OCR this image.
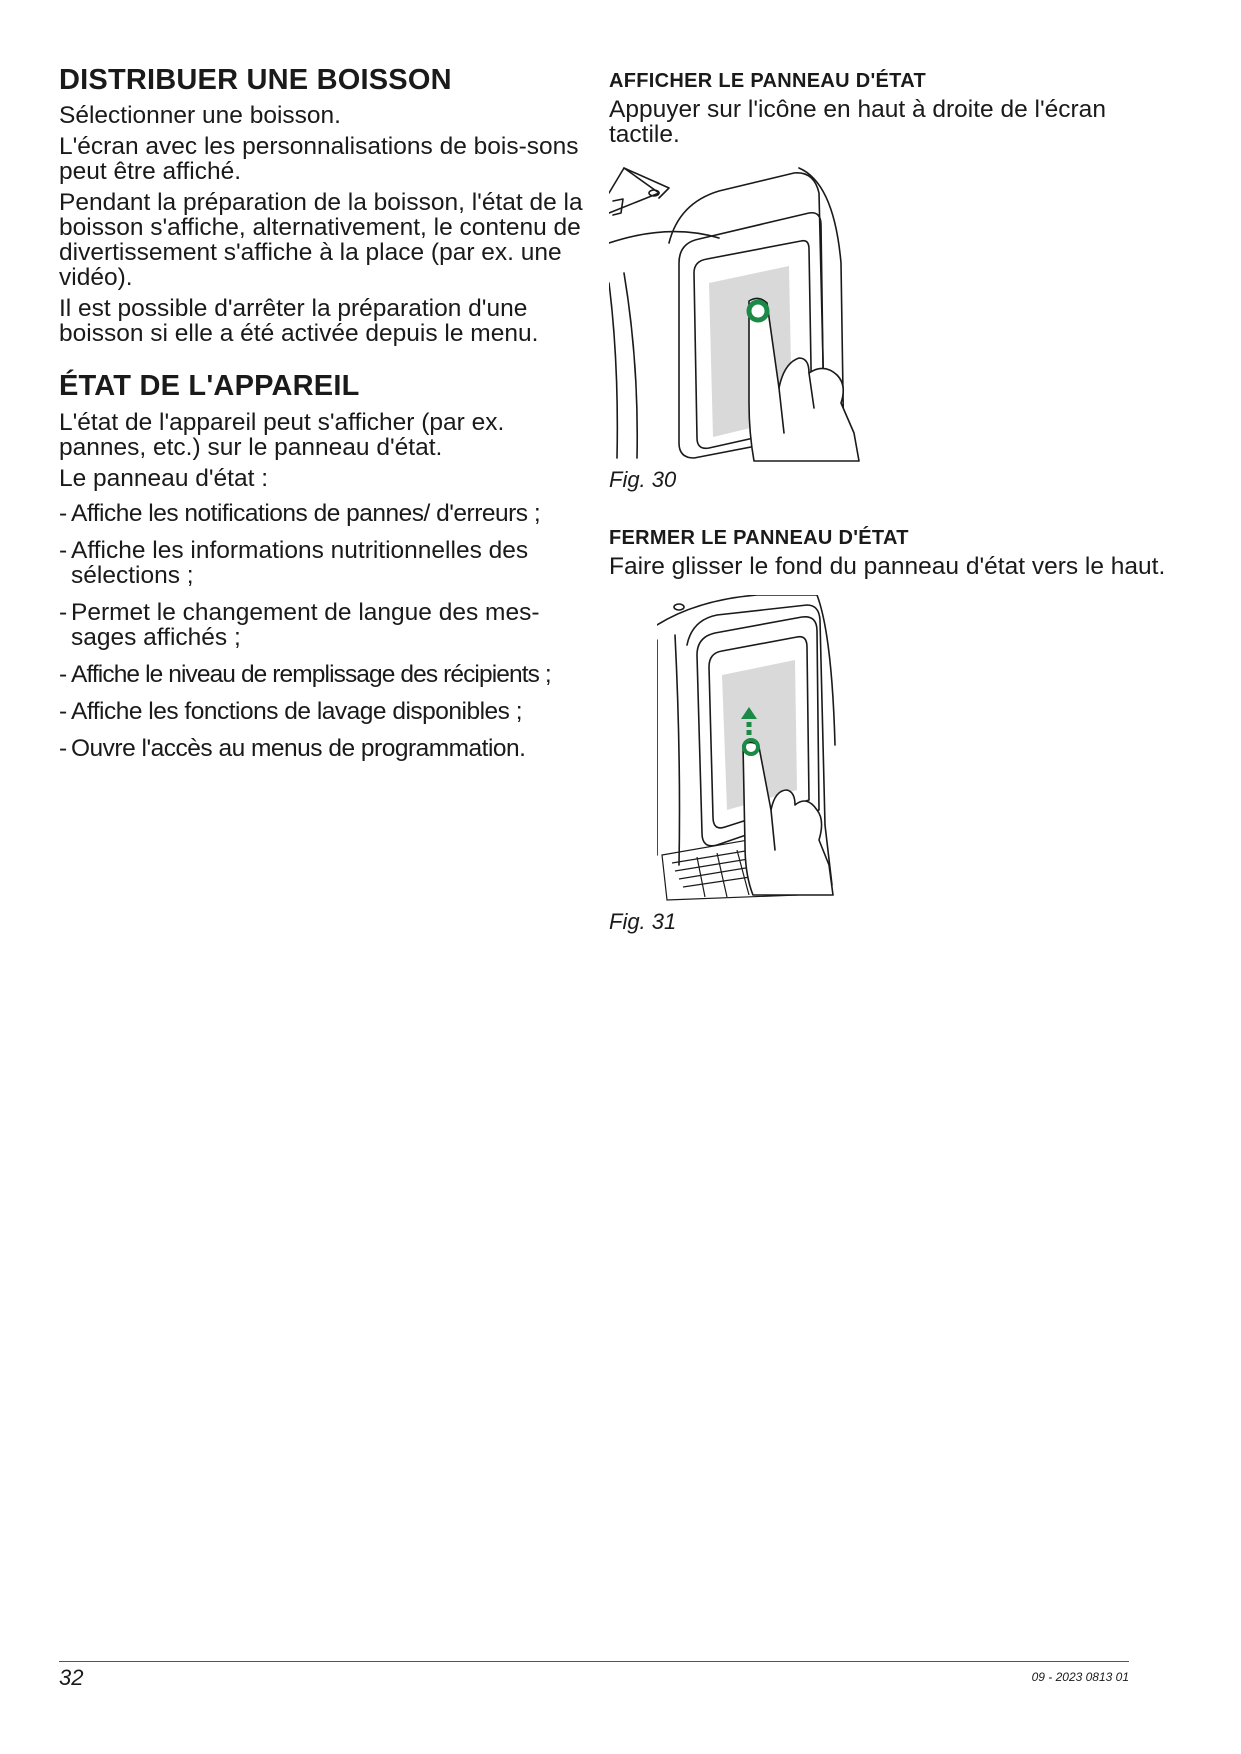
DISTRIBUER UNE BOISSON

Sélectionner une boisson.

L'écran avec les personnalisations de bois-sons peut être affiché.

Pendant la préparation de la boisson, l'état de la boisson s'affiche, alternativement, le contenu de divertissement s'affiche à la place (par ex. une vidéo).

Il est possible d'arrêter la préparation d'une boisson si elle a été activée depuis le menu.

ÉTAT DE L'APPAREIL

L'état de l'appareil peut s'afficher (par ex. pannes, etc.) sur le panneau d'état.

Le panneau d'état :

- Affiche les notifications de pannes/ d'erreurs ;
- Affiche les informations nutritionnelles des sélections ;
- Permet le changement de langue des mes-sages affichés ;
- Affiche le niveau de remplissage des récipients ;
- Affiche les fonctions de lavage disponibles ;
- Ouvre l'accès au menus de programmation.
AFFICHER LE PANNEAU D'ÉTAT

Appuyer sur l'icône en haut à droite de l'écran tactile.

Fig. 30

FERMER LE PANNEAU D'ÉTAT

Faire glisser le fond du panneau d'état vers le haut.

Fig. 31

32	09 - 2023 0813 01
